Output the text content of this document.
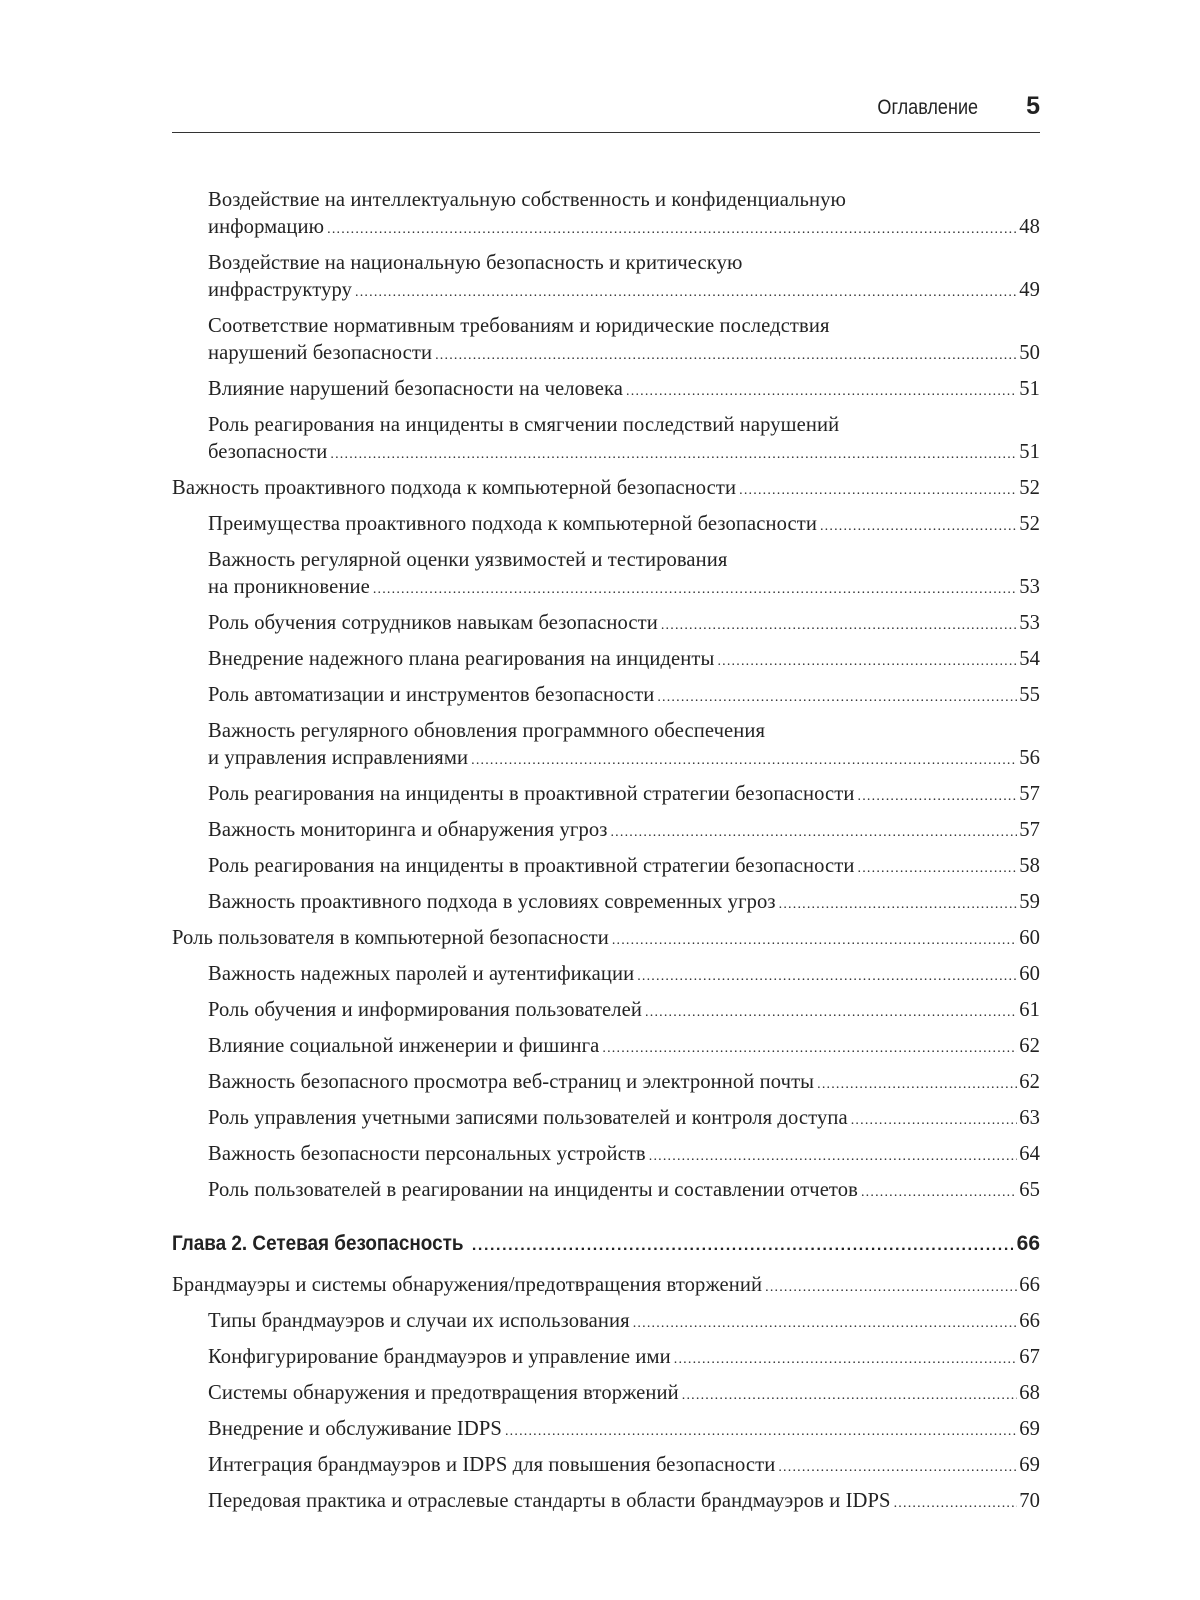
Оглавление 5
Воздействие на интеллектуальную собственность и конфиденциальную
информацию .....	48
Воздействие на национальную безопасность и критическую
инфраструктуру .....	49
Соответствие нормативным требованиям и юридические последствия
нарушений безопасности .....	50
Влияние нарушений безопасности на человека .....	51
Роль реагирования на инциденты в смягчении последствий нарушений
безопасности .....	51
Важность проактивного подхода к компьютерной безопасности .....	52
Преимущества проактивного подхода к компьютерной безопасности .....	52
Важность регулярной оценки уязвимостей и тестирования
на проникновение .....	53
Роль обучения сотрудников навыкам безопасности .....	53
Внедрение надежного плана реагирования на инциденты .....	54
Роль автоматизации и инструментов безопасности .....	55
Важность регулярного обновления программного обеспечения
и управления исправлениями .....	56
Роль реагирования на инциденты в проактивной стратегии безопасности .....	57
Важность мониторинга и обнаружения угроз .....	57
Роль реагирования на инциденты в проактивной стратегии безопасности .....	58
Важность проактивного подхода в условиях современных угроз .....	59
Роль пользователя в компьютерной безопасности .....	60
Важность надежных паролей и аутентификации .....	60
Роль обучения и информирования пользователей .....	61
Влияние социальной инженерии и фишинга .....	62
Важность безопасного просмотра веб-страниц и электронной почты .....	62
Роль управления учетными записями пользователей и контроля доступа .....	63
Важность безопасности персональных устройств .....	64
Роль пользователей в реагировании на инциденты и составлении отчетов .....	65
Глава 2. Сетевая безопасность .....	66
Брандмауэры и системы обнаружения/предотвращения вторжений .....	66
Типы брандмауэров и случаи их использования .....	66
Конфигурирование брандмауэров и управление ими .....	67
Системы обнаружения и предотвращения вторжений .....	68
Внедрение и обслуживание IDPS .....	69
Интеграция брандмауэров и IDPS для повышения безопасности .....	69
Передовая практика и отраслевые стандарты в области брандмауэров и IDPS .....	70
